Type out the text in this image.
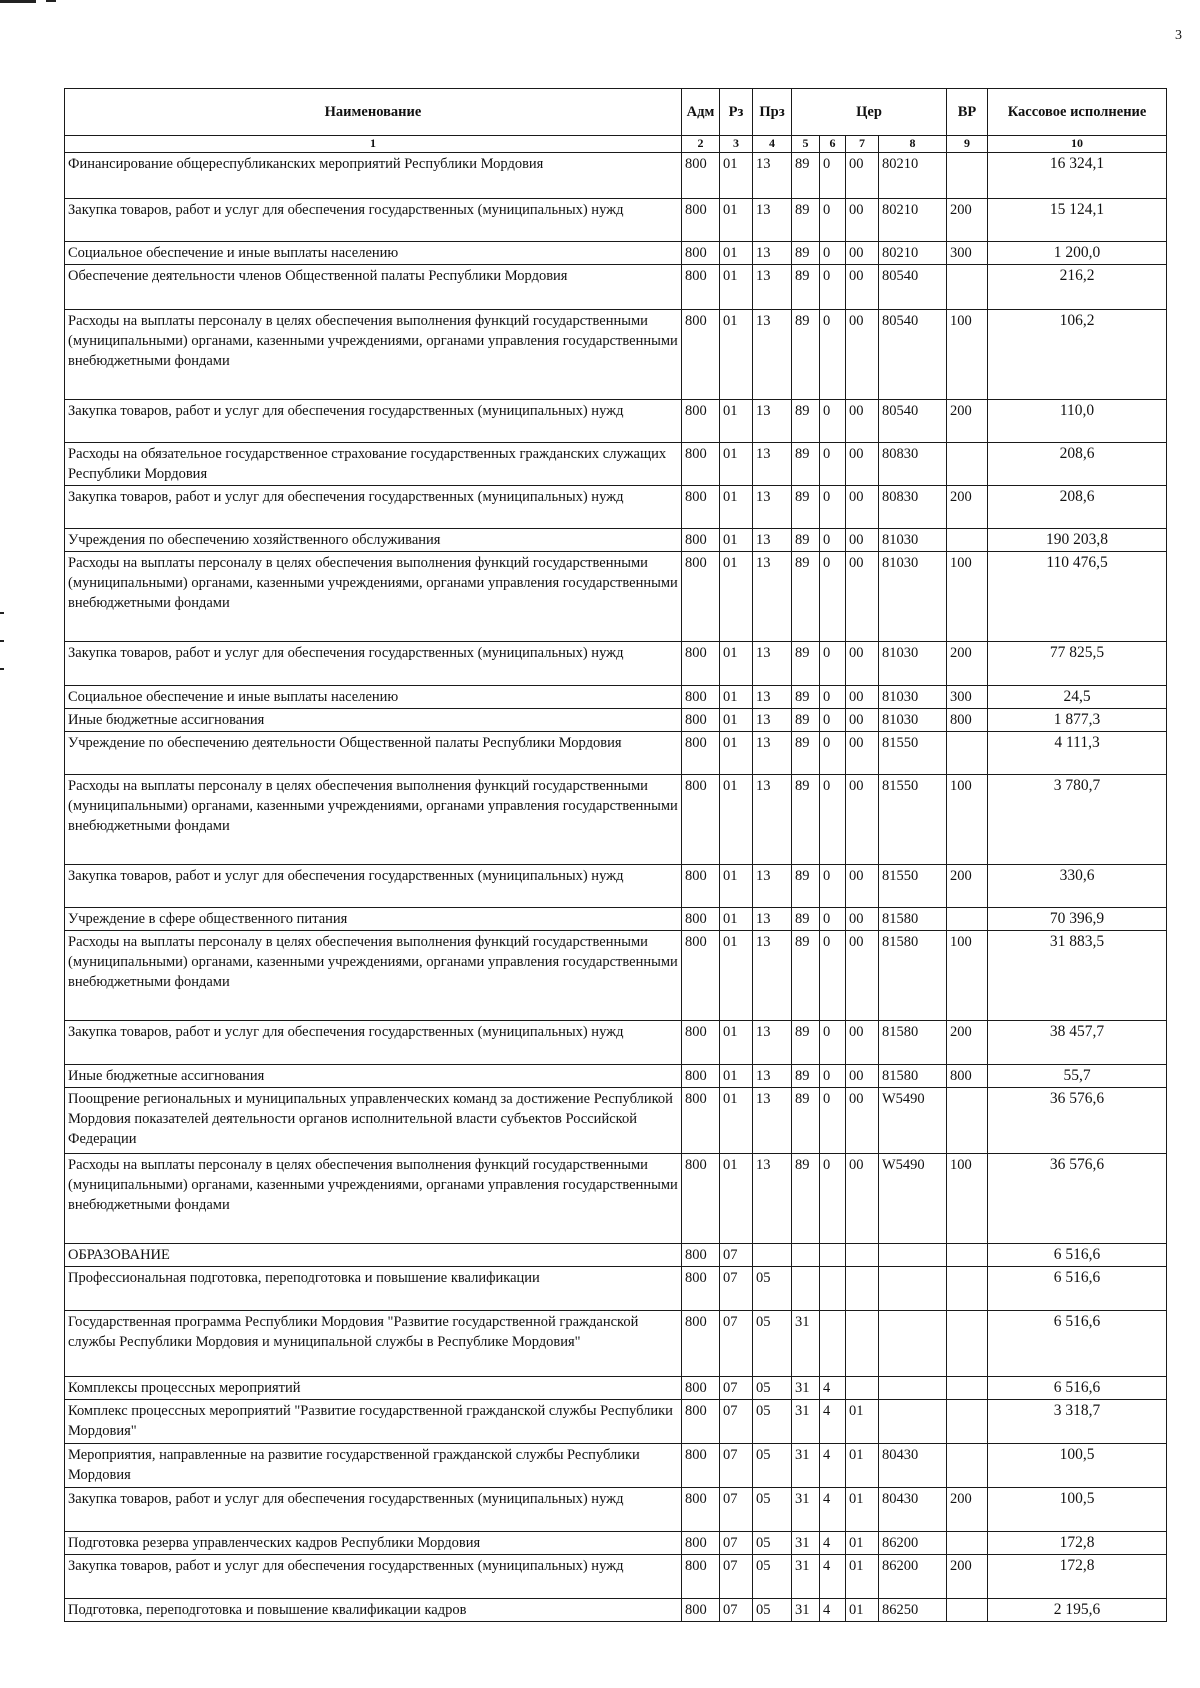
3
Наименование	Адм	Рз	Прз	Цер				ВР	Кассовое исполнение
1	2	3	4	5	6	7	8	9	10
Финансирование общереспубликанских мероприятий Республики Мордовия	800	01	13	89	0	00	80210		16 324,1
Закупка товаров, работ и услуг для обеспечения государственных (муниципальных) нужд	800	01	13	89	0	00	80210	200	15 124,1
Социальное обеспечение и иные выплаты населению	800	01	13	89	0	00	80210	300	1 200,0
Обеспечение деятельности членов Общественной палаты Республики Мордовия	800	01	13	89	0	00	80540		216,2
Расходы на выплаты персоналу в целях обеспечения выполнения функций государственными (муниципальными) органами, казенными учреждениями, органами управления государственными внебюджетными фондами	800	01	13	89	0	00	80540	100	106,2
Закупка товаров, работ и услуг для обеспечения государственных (муниципальных) нужд	800	01	13	89	0	00	80540	200	110,0
Расходы на обязательное государственное страхование государственных гражданских служащих Республики Мордовия	800	01	13	89	0	00	80830		208,6
Закупка товаров, работ и услуг для обеспечения государственных (муниципальных) нужд	800	01	13	89	0	00	80830	200	208,6
Учреждения по обеспечению хозяйственного обслуживания	800	01	13	89	0	00	81030		190 203,8
Расходы на выплаты персоналу в целях обеспечения выполнения функций государственными (муниципальными) органами, казенными учреждениями, органами управления государственными внебюджетными фондами	800	01	13	89	0	00	81030	100	110 476,5
Закупка товаров, работ и услуг для обеспечения государственных (муниципальных) нужд	800	01	13	89	0	00	81030	200	77 825,5
Социальное обеспечение и иные выплаты населению	800	01	13	89	0	00	81030	300	24,5
Иные бюджетные ассигнования	800	01	13	89	0	00	81030	800	1 877,3
Учреждение по обеспечению деятельности Общественной палаты Республики Мордовия	800	01	13	89	0	00	81550		4 111,3
Расходы на выплаты персоналу в целях обеспечения выполнения функций государственными (муниципальными) органами, казенными учреждениями, органами управления государственными внебюджетными фондами	800	01	13	89	0	00	81550	100	3 780,7
Закупка товаров, работ и услуг для обеспечения государственных (муниципальных) нужд	800	01	13	89	0	00	81550	200	330,6
Учреждение в сфере общественного питания	800	01	13	89	0	00	81580		70 396,9
Расходы на выплаты персоналу в целях обеспечения выполнения функций государственными (муниципальными) органами, казенными учреждениями, органами управления государственными внебюджетными фондами	800	01	13	89	0	00	81580	100	31 883,5
Закупка товаров, работ и услуг для обеспечения государственных (муниципальных) нужд	800	01	13	89	0	00	81580	200	38 457,7
Иные бюджетные ассигнования	800	01	13	89	0	00	81580	800	55,7
Поощрение региональных и муниципальных управленческих команд за достижение Республикой Мордовия показателей деятельности органов исполнительной власти субъектов Российской Федерации	800	01	13	89	0	00	W5490		36 576,6
Расходы на выплаты персоналу в целях обеспечения выполнения функций государственными (муниципальными) органами, казенными учреждениями, органами управления государственными внебюджетными фондами	800	01	13	89	0	00	W5490	100	36 576,6
ОБРАЗОВАНИЕ	800	07							6 516,6
Профессиональная подготовка, переподготовка и повышение квалификации	800	07	05						6 516,6
Государственная программа Республики Мордовия "Развитие государственной гражданской службы Республики Мордовия и муниципальной службы в Республике Мордовия"	800	07	05	31					6 516,6
Комплексы процессных мероприятий	800	07	05	31	4				6 516,6
Комплекс процессных мероприятий "Развитие государственной гражданской службы Республики Мордовия"	800	07	05	31	4	01			3 318,7
Мероприятия, направленные на развитие государственной гражданской службы Республики Мордовия	800	07	05	31	4	01	80430		100,5
Закупка товаров, работ и услуг для обеспечения государственных (муниципальных) нужд	800	07	05	31	4	01	80430	200	100,5
Подготовка резерва управленческих кадров Республики Мордовия	800	07	05	31	4	01	86200		172,8
Закупка товаров, работ и услуг для обеспечения государственных (муниципальных) нужд	800	07	05	31	4	01	86200	200	172,8
Подготовка, переподготовка и повышение квалификации кадров	800	07	05	31	4	01	86250		2 195,6
